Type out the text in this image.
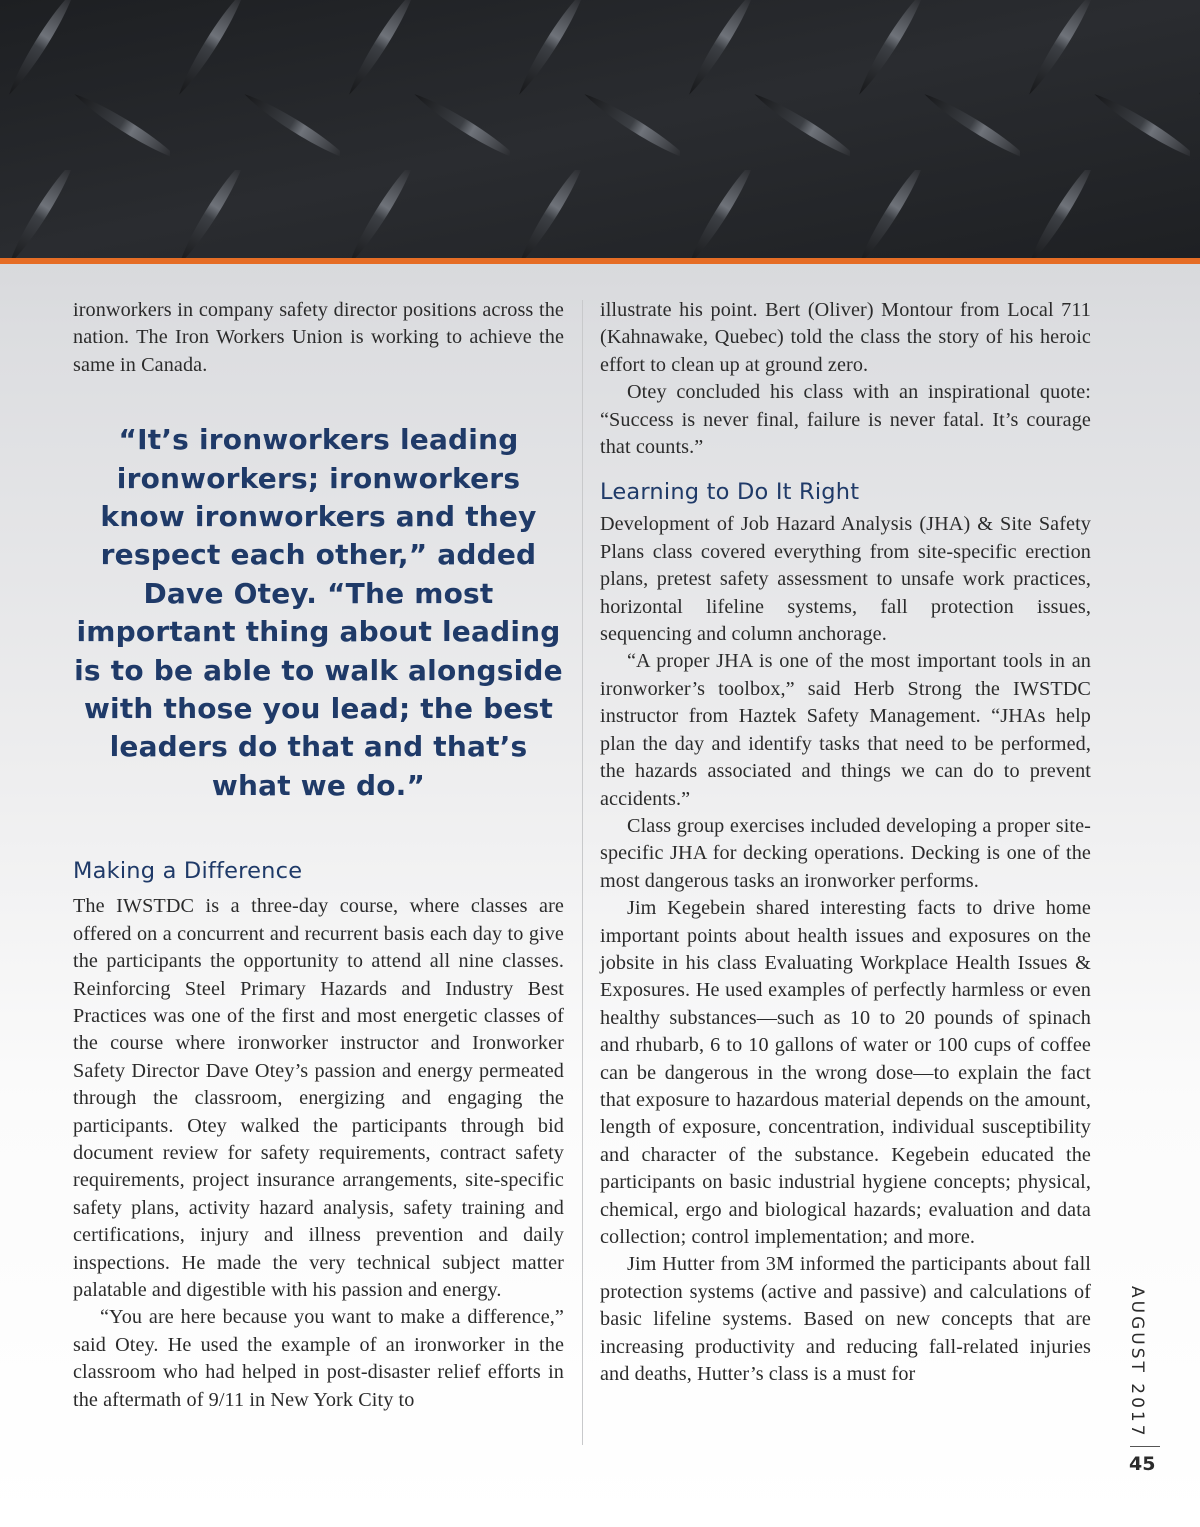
ironworkers in company safety director positions across the nation. The Iron Workers Union is working to achieve the same in Canada.

“It’s ironworkers leading ironworkers; ironworkers know ironworkers and they respect each other,” added Dave Otey. “The most important thing about leading is to be able to walk alongside with those you lead; the best leaders do that and that’s what we do.”
Making a Difference

The IWSTDC is a three-day course, where classes are offered on a concurrent and recurrent basis each day to give the participants the opportunity to attend all nine classes. Reinforcing Steel Primary Hazards and Industry Best Practices was one of the first and most energetic classes of the course where ironworker instructor and Ironworker Safety Director Dave Otey’s passion and energy permeated through the classroom, energizing and engaging the participants. Otey walked the participants through bid document review for safety requirements, contract safety requirements, project insurance arrangements, site-specific safety plans, activity hazard analysis, safety training and certifications, injury and illness prevention and daily inspections. He made the very technical subject matter palatable and digestible with his passion and energy.

“You are here because you want to make a difference,” said Otey. He used the example of an ironworker in the classroom who had helped in post-disaster relief efforts in the aftermath of 9/11 in New York City to

illustrate his point. Bert (Oliver) Montour from Local 711 (Kahnawake, Quebec) told the class the story of his heroic effort to clean up at ground zero.

Otey concluded his class with an inspirational quote: “Success is never final, failure is never fatal. It’s courage that counts.”

Learning to Do It Right

Development of Job Hazard Analysis (JHA) & Site Safety Plans class covered everything from site-specific erection plans, pretest safety assessment to unsafe work practices, horizontal lifeline systems, fall protection issues, sequencing and column anchorage.

“A proper JHA is one of the most important tools in an ironworker’s toolbox,” said Herb Strong the IWSTDC instructor from Haztek Safety Management. “JHAs help plan the day and identify tasks that need to be performed, the hazards associated and things we can do to prevent accidents.”

Class group exercises included developing a proper site-specific JHA for decking operations. Decking is one of the most dangerous tasks an ironworker performs.

Jim Kegebein shared interesting facts to drive home important points about health issues and exposures on the jobsite in his class Evaluating Workplace Health Issues & Exposures. He used examples of perfectly harmless or even healthy substances—such as 10 to 20 pounds of spinach and rhubarb, 6 to 10 gallons of water or 100 cups of coffee can be dangerous in the wrong dose—to explain the fact that exposure to hazardous material depends on the amount, length of exposure, concentration, individual susceptibility and character of the substance. Kegebein educated the participants on basic industrial hygiene concepts; physical, chemical, ergo and biological hazards; evaluation and data collection; control implementation; and more.

Jim Hutter from 3M informed the participants about fall protection systems (active and passive) and calculations of basic lifeline systems. Based on new concepts that are increasing productivity and reducing fall-related injuries and deaths, Hutter’s class is a must for	AUGUST 2017
45
